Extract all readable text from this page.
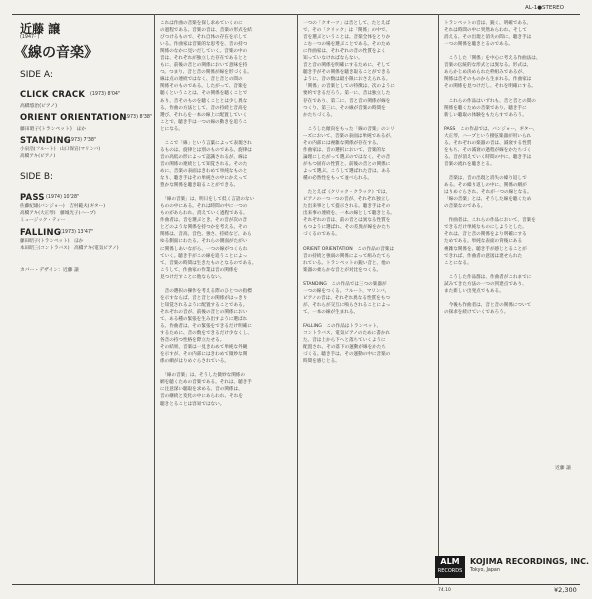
近藤 譲
(1947- )
《線の音楽》
AL-1●STEREO
SIDE A:
CLICK CRACK (1973) 8'04"
高橋悠治(ピアノ)
ORIENT ORIENTATION
(1973) 8'38"
藤田昭子(トランペット)　ほか
STANDING
(1973) 7'38"
小泉浩(フルート)　山口保宣(マリンバ)
高橋アキ(ピアノ)
SIDE B:
PASS (1974) 10'28"
佐藤紀雄(バンジョー)　吉村範夫(ギター)
高橋アキ(大正琴)　藤城光子(ハープ)
ミュージック・ティー
FALLING
(1973) 13'47"
藤田昭子(トランペット)　ほか
本田昭三(コントラバス)　高橋アキ(電気ピアノ)
カバー・デザイン：近藤 譲
これは作曲の音楽を探し求めていくのに
の過程である。音楽の音は、音楽の形式を結
びつけるもので、それ自体の存在を示して
いる。作曲家は音楽的な思考を、音の持つ
関係のなかに見いだしていく。音楽の中の
音は、それぞれが独立した存在であるとと
もに、前後の音との関係において意味を持
つ。つまり、音と音の関係が線を形づくる。
線は点の連続ではなく、音と音との間の
関係そのものである。したがって、音楽を
聴くということは、その関係を聴くことで
あり、音そのものを聴くこととは少し異な
る。作曲の方法として、音の持続と音高を
選び、それらを一本の線上に配置していく
ことで、聴き手は一つの線の動きを追うこ
とになる。

　ここで「線」という言葉によって表現され
るものは、旋律とは別のものである。旋律は
音の高低の形によって認識されるが、線は
音の関係の連続として知覚される。そのた
めに、音楽の表面はきわめて単純なものと
なり、聴き手はその単純さの中にかえって
豊かな関係を聴き取ることができる。

　「線の音楽」は、明日をして低く言語のない
ものの中にある。それは時間の中に一つの
ものがあらわれ、消えていく過程である。
作曲者は、音を選ぶとき、その音が次の音
とどのような関係を持つかを考える。その
関係は、音高、音色、強さ、持続など、あら
ゆる側面にわたる。それらの側面がたがい
に関係しあいながら、一つの線がつくられ
ていく。聴き手がこの線を追うことによっ
て、音楽の時間は生きたものとなるのである。
こうして、作曲家の作業は音の関係を
見つけだすことに他ならない。

　音の選択の操作を考える際のひとつの指標
を示すならば、音と音との関係がはっきり
と知覚されるように配置することである。
それぞれの音が、前後の音との関係におい
て、ある種の緊張を生み出すように選ばれ
る。作曲者は、その緊張をできるだけ明確に
するために、音の数をできるだけ少なくし、
各音の持つ性格を際立たせる。
その結果、音楽は一見きわめて単純な外観
を示すが、その内部にはきわめて微妙な関
係の網がはりめぐらされている。

　「線の音楽」は、そうした微妙な関係の
網を聴くための音楽である。それは、聴き手
に注意深い聴取を求める。音の関係は、
音の継続と変化の中にあらわれ、それを
聴きとることは容易ではない。
一つの「クオーツ」は音として、たとえば
で、その「クリック」は「関係」の中で、
音を選ぶということは、音楽全体をとりか
こむ一つの場を選ぶことである。そのため
に作曲家は、それぞれの音の性質をよく
知っていなければならない。
音と音の関係を明確にするために、そして
聴き手がその関係を聴き取ることができる
ように、音の数は最小限におさえられる。
「関係」の音楽としての特徴は、次のように
要約できるだろう。第一に、音は独立した
存在であり、第二に、音と音の関係が線を
つくり、第三に、その線が音楽の時間を
かたちづくる。

　こうした傾向をもった「線の音楽」のシリ
ーズにおいて、音楽の表面は単純であるが、
その内部には複雑な関係が存在する。
作曲家は、音の選択において、音楽的な
論理にしたがって選ぶのではなく、その音
がもつ固有の性質と、前後の音との関係に
よって選ぶ。こうして選ばれた音は、ある
種の必然性をもって並べられる。

　たとえば《クリック・クラック》では、
ピアノの一つ一つの音が、それぞれ独立し
た出来事として提示される。聴き手はその
出来事の連続を、一本の線として聴きとる。
それぞれの音は、前の音とは異なる性質を
もつように選ばれ、その差異が線をかたち
づくるのである。

ORIENT ORIENTATION　この作品の音楽は
音の持続と強弱の関係によって組みたてら
れている。トランペットの鋭い音と、他の
楽器の柔らかな音とが対比をつくる。

STANDING　この作品では三つの楽器が
一つの線をつくる。フルート、マリンバ、
ピアノの音は、それぞれ異なる性質をもつ
が、それらが交互に鳴らされることによっ
て、一本の線が生まれる。

FALLING　この作品はトランペット、
コントラバス、電気ピアノのために書かれ
た。音は上から下へと落ちていくように
配置され、その落下の運動が線をかたち
づくる。聴き手は、その運動の中に音楽の
時間を感じとる。
トランペットの音は、鋭く、明確である。
それは時間の中に突然あらわれ、そして
消える。その出現と消失の間に、聴き手は
一つの関係を聴きとるのである。

　こうした「関係」を中心に考える作曲法は、
音楽の伝統的な形式とは異なる。形式は、
あらかじめ決められた枠組みであるが、
関係は音そのものから生まれる。作曲家は
その関係を見つけだし、それを明確にする。

　これらの作品はいずれも、音と音との間の
関係を聴くための音楽であり、聴き手に
新しい聴取の体験をもたらすであろう。

PASS　この作品では、バンジョー、ギター、
大正琴、ハープという撥弦楽器が用いられ
る。それぞれの楽器の音は、減衰する性質
をもち、その減衰の過程が線をかたちづく
る。音が消えていく時間の中に、聴き手は
音楽の流れを聴きとる。

　音楽は、音の出現と消失の繰り返しで
ある。その繰り返しの中に、関係の網が
はりめぐらされ、それが一つの線となる。
「線の音楽」とは、そうした線を聴くため
の音楽なのである。

　作曲者は、これらの作品において、音楽を
できるだけ単純なものにしようとした。
それは、音と音の関係をより明確にする
ためである。単純な表面の背後にある
複雑な関係を、聴き手が感じとることが
できれば、作曲者の意図は達せられた
ことになる。

　こうした作品群は、作曲者がこれまでに
試みてきた方法の一つの到達点であり、
また新しい出発点でもある。

　今後も作曲者は、音と音の関係について
の探求を続けていくであろう。
近藤 譲
ALM
RECORDS
KOJIMA RECORDINGS, INC.
Tokyo, Japan
74.10	¥2,300
